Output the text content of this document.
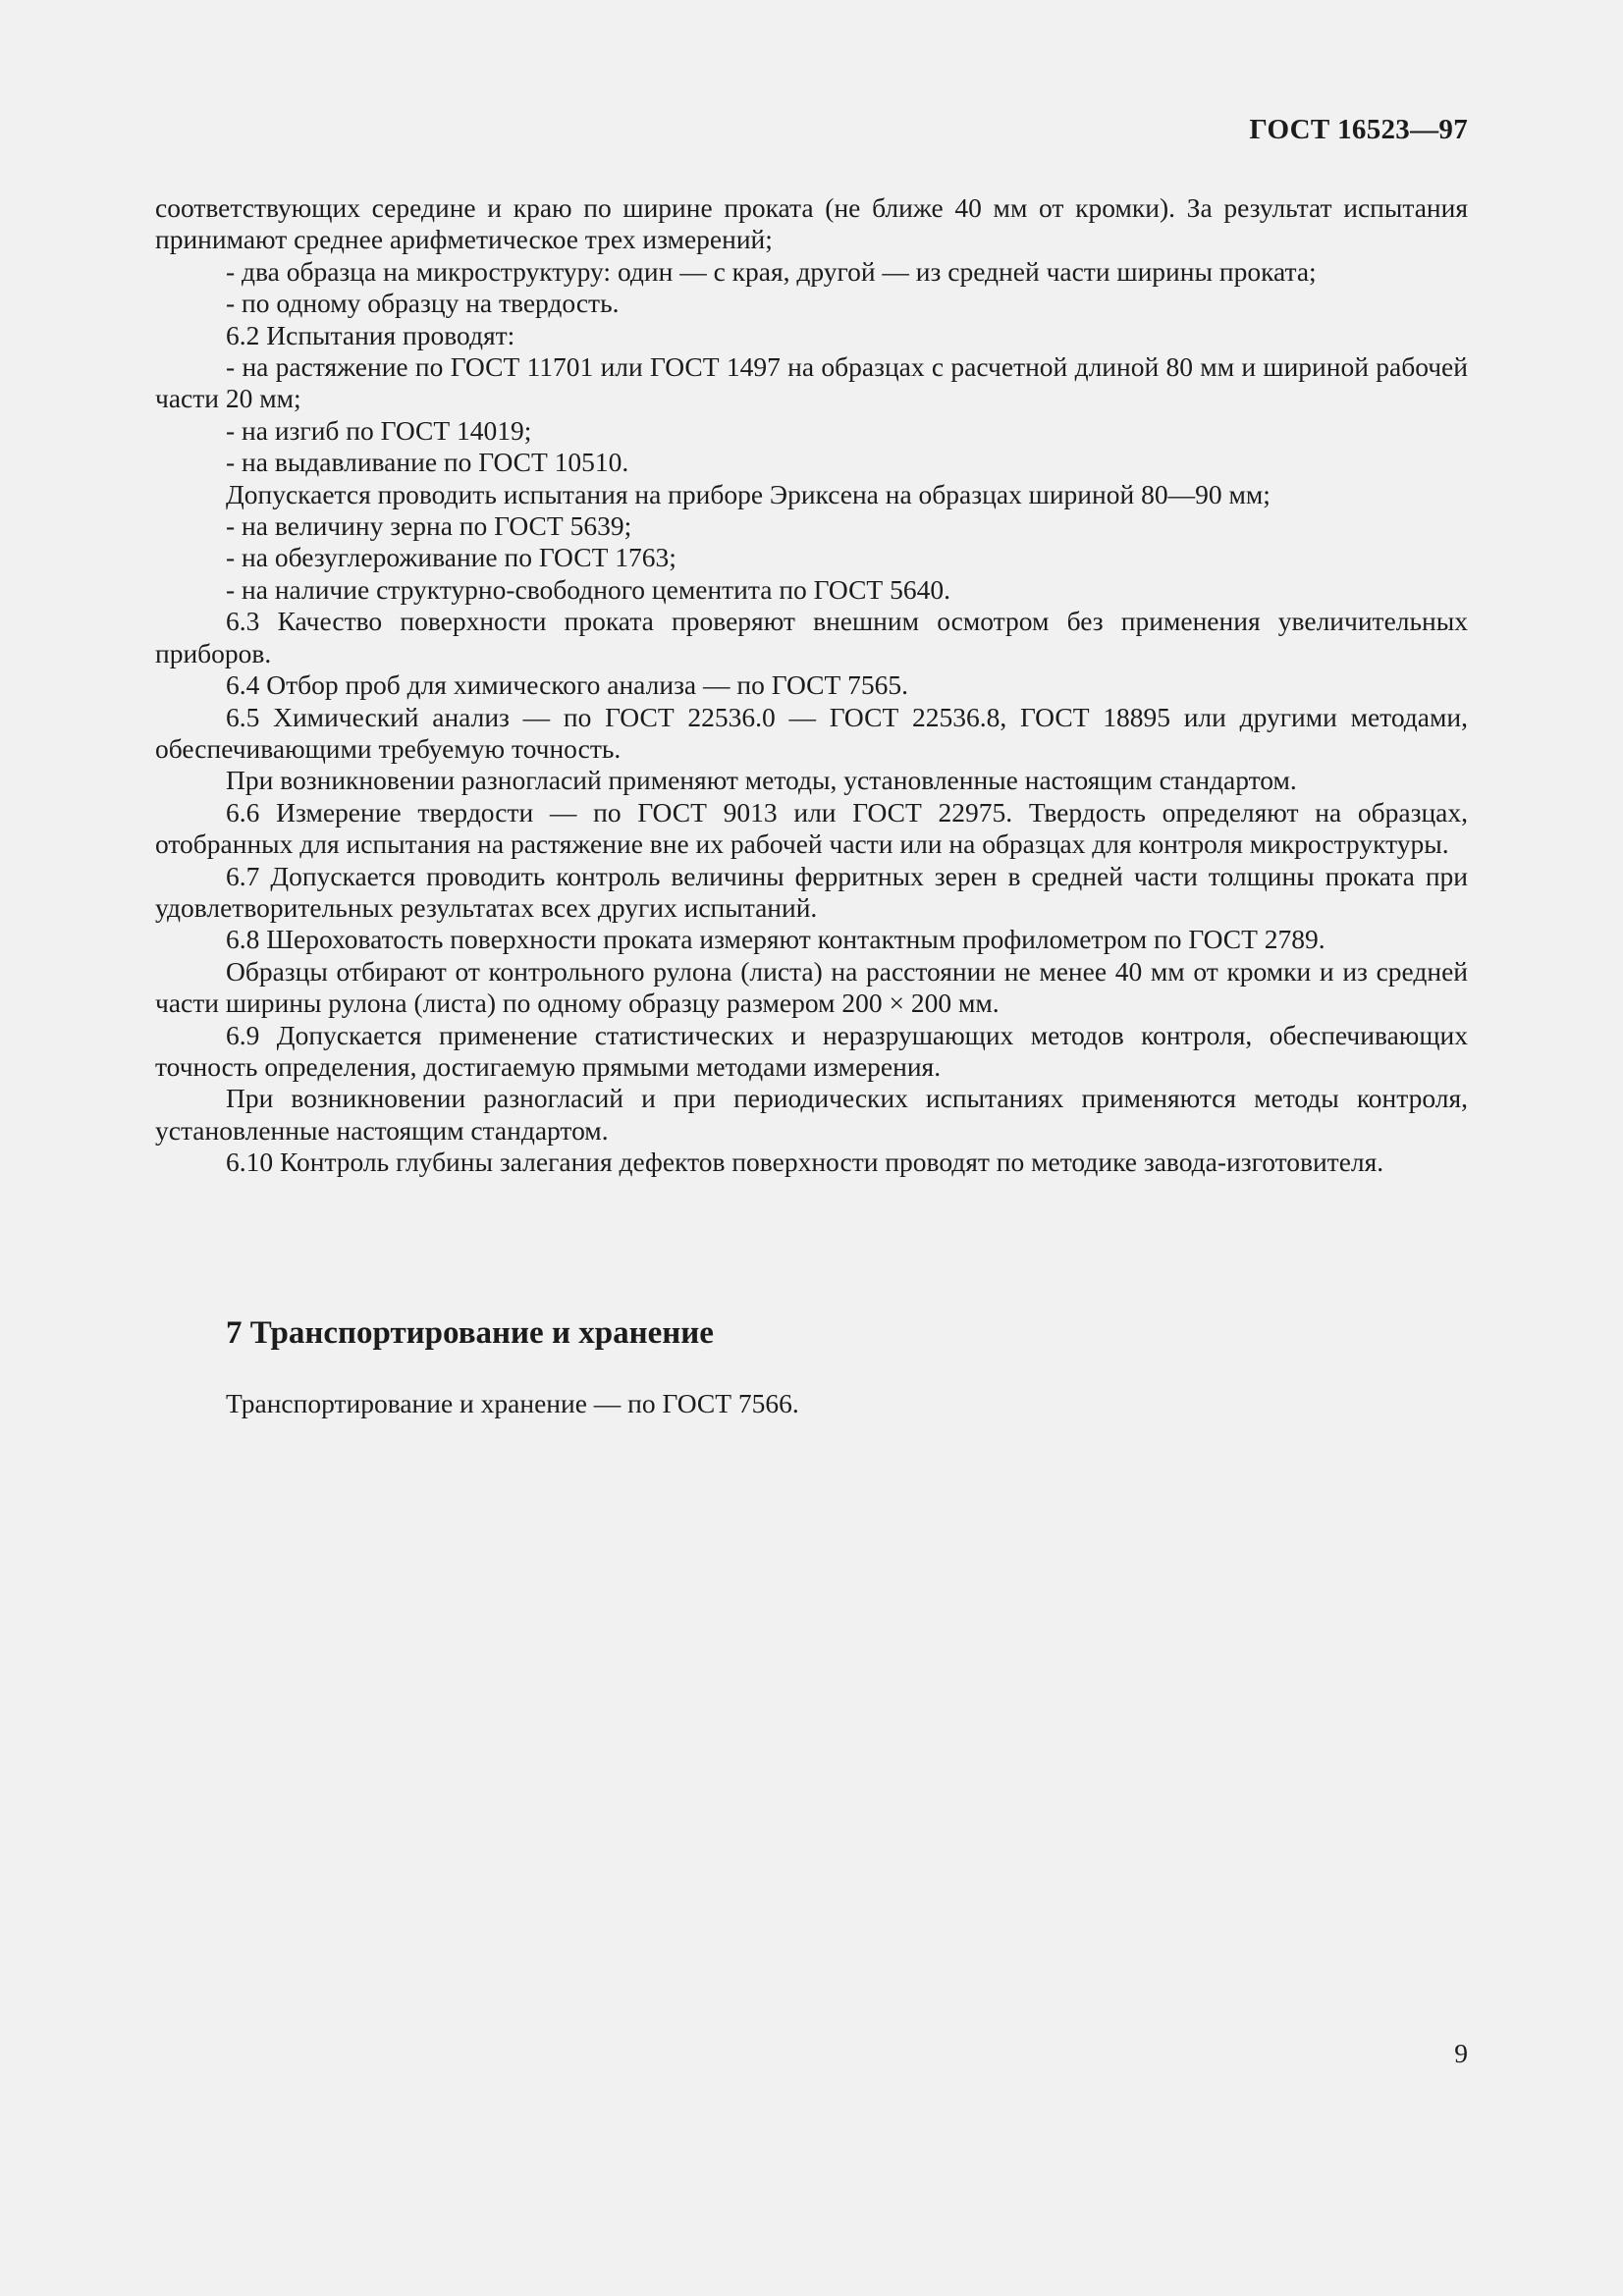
ГОСТ 16523—97

соответствующих середине и краю по ширине проката (не ближе 40 мм от кромки). За результат испытания принимают среднее арифметическое трех измерений;

- два образца на микроструктуру: один — с края, другой — из средней части ширины проката;

- по одному образцу на твердость.

6.2 Испытания проводят:

- на растяжение по ГОСТ 11701 или ГОСТ 1497 на образцах с расчетной длиной 80 мм и шириной рабочей части 20 мм;

- на изгиб по ГОСТ 14019;

- на выдавливание по ГОСТ 10510.

Допускается проводить испытания на приборе Эриксена на образцах шириной 80—90 мм;

- на величину зерна по ГОСТ 5639;

- на обезуглероживание по ГОСТ 1763;

- на наличие структурно-свободного цементита по ГОСТ 5640.

6.3 Качество поверхности проката проверяют внешним осмотром без применения увеличительных приборов.

6.4 Отбор проб для химического анализа — по ГОСТ 7565.

6.5 Химический анализ — по ГОСТ 22536.0 — ГОСТ 22536.8, ГОСТ 18895 или другими методами, обеспечивающими требуемую точность.

При возникновении разногласий применяют методы, установленные настоящим стандартом.

6.6 Измерение твердости — по ГОСТ 9013 или ГОСТ 22975. Твердость определяют на образцах, отобранных для испытания на растяжение вне их рабочей части или на образцах для контроля микроструктуры.

6.7 Допускается проводить контроль величины ферритных зерен в средней части толщины проката при удовлетворительных результатах всех других испытаний.

6.8 Шероховатость поверхности проката измеряют контактным профилометром по ГОСТ 2789.

Образцы отбирают от контрольного рулона (листа) на расстоянии не менее 40 мм от кромки и из средней части ширины рулона (листа) по одному образцу размером 200 × 200 мм.

6.9 Допускается применение статистических и неразрушающих методов контроля, обеспечивающих точность определения, достигаемую прямыми методами измерения.

При возникновении разногласий и при периодических испытаниях применяются методы контроля, установленные настоящим стандартом.

6.10 Контроль глубины залегания дефектов поверхности проводят по методике завода-изготовителя.

7 Транспортирование и хранение
Транспортирование и хранение — по ГОСТ 7566.
9
